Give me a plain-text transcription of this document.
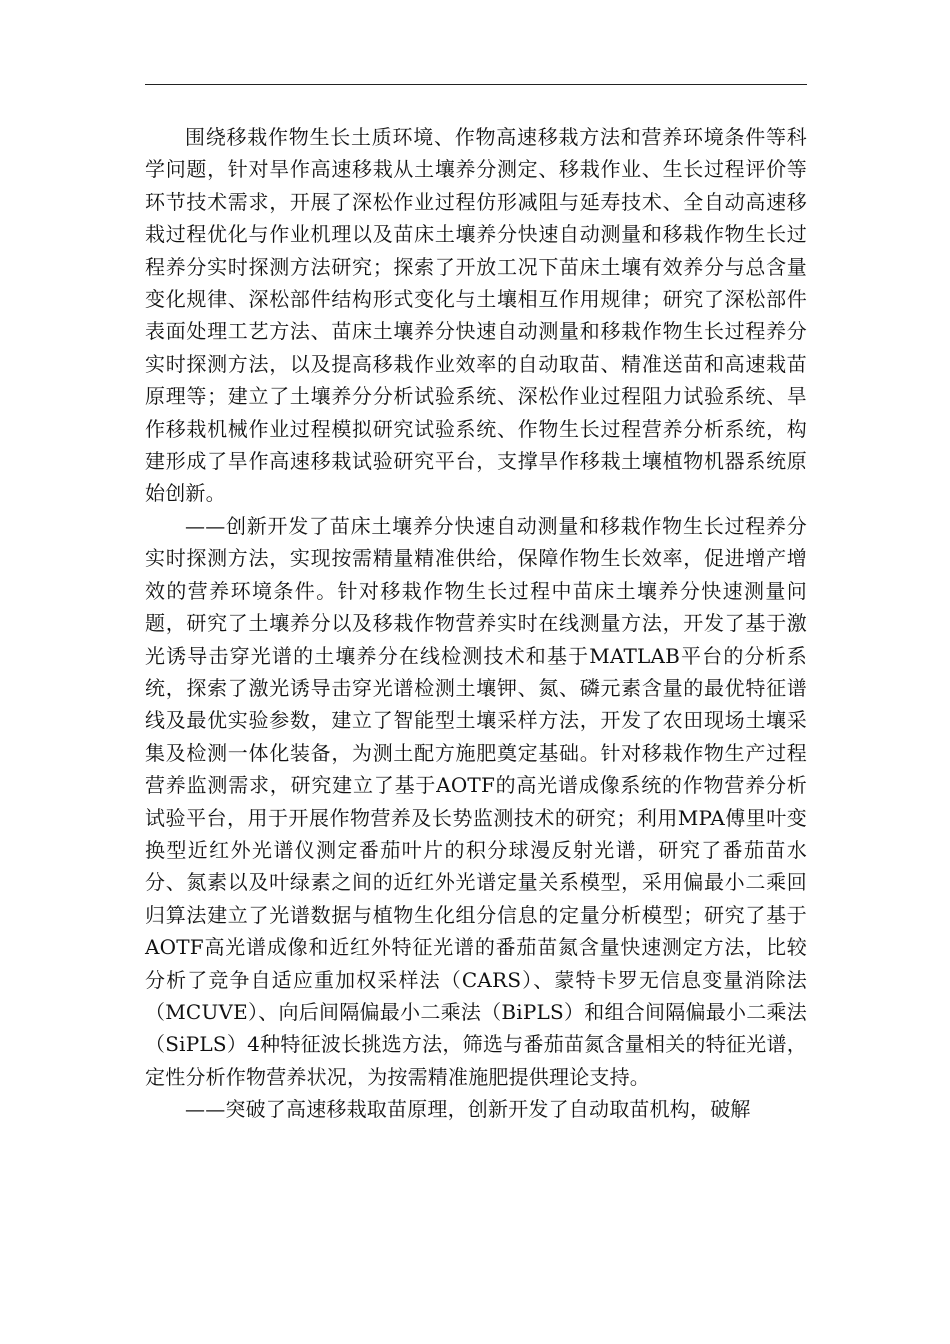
围绕移栽作物生长土质环境、作物高速移栽方法和营养环境条件等科学问题，针对旱作高速移栽从土壤养分测定、移栽作业、生长过程评价等环节技术需求，开展了深松作业过程仿形减阻与延寿技术、全自动高速移栽过程优化与作业机理以及苗床土壤养分快速自动测量和移栽作物生长过程养分实时探测方法研究；探索了开放工况下苗床土壤有效养分与总含量变化规律、深松部件结构形式变化与土壤相互作用规律；研究了深松部件表面处理工艺方法、苗床土壤养分快速自动测量和移栽作物生长过程养分实时探测方法，以及提高移栽作业效率的自动取苗、精准送苗和高速栽苗原理等；建立了土壤养分分析试验系统、深松作业过程阻力试验系统、旱作移栽机械作业过程模拟研究试验系统、作物生长过程营养分析系统，构建形成了旱作高速移栽试验研究平台，支撑旱作移栽土壤植物机器系统原始创新。

——创新开发了苗床土壤养分快速自动测量和移栽作物生长过程养分实时探测方法，实现按需精量精准供给，保障作物生长效率，促进增产增效的营养环境条件。针对移栽作物生长过程中苗床土壤养分快速测量问题，研究了土壤养分以及移栽作物营养实时在线测量方法，开发了基于激光诱导击穿光谱的土壤养分在线检测技术和基于MATLAB平台的分析系统，探索了激光诱导击穿光谱检测土壤钾、氮、磷元素含量的最优特征谱线及最优实验参数，建立了智能型土壤采样方法，开发了农田现场土壤采集及检测一体化装备，为测土配方施肥奠定基础。针对移栽作物生产过程营养监测需求，研究建立了基于AOTF的高光谱成像系统的作物营养分析试验平台，用于开展作物营养及长势监测技术的研究；利用MPA傅里叶变换型近红外光谱仪测定番茄叶片的积分球漫反射光谱，研究了番茄苗水分、氮素以及叶绿素之间的近红外光谱定量关系模型，采用偏最小二乘回归算法建立了光谱数据与植物生化组分信息的定量分析模型；研究了基于AOTF高光谱成像和近红外特征光谱的番茄苗氮含量快速测定方法，比较分析了竞争自适应重加权采样法（CARS）、蒙特卡罗无信息变量消除法（MCUVE）、向后间隔偏最小二乘法（BiPLS）和组合间隔偏最小二乘法（SiPLS）4种特征波长挑选方法，筛选与番茄苗氮含量相关的特征光谱，定性分析作物营养状况，为按需精准施肥提供理论支持。

——突破了高速移栽取苗原理，创新开发了自动取苗机构，破解
